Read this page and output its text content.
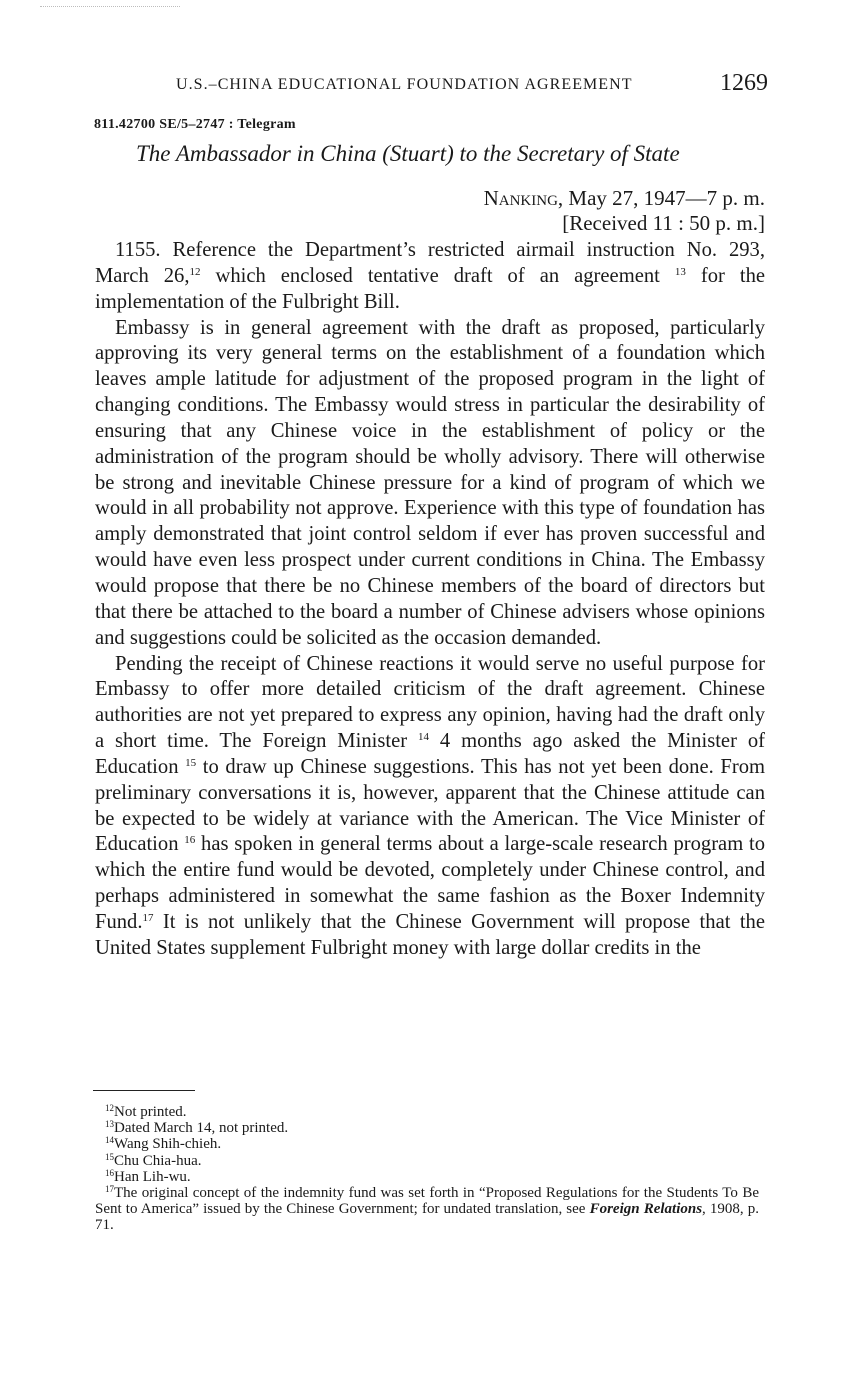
U.S.–CHINA EDUCATIONAL FOUNDATION AGREEMENT	1269
811.42700 SE/5–2747 : Telegram
The Ambassador in China (Stuart) to the Secretary of State
Nanking, May 27, 1947—7 p. m.
[Received 11 : 50 p. m.]

1155. Reference the Department’s restricted airmail instruction No. 293, March 26,12 which enclosed tentative draft of an agreement $^{13}$ for the implementation of the Fulbright Bill.

Embassy is in general agreement with the draft as proposed, particularly approving its very general terms on the establishment of a foundation which leaves ample latitude for adjustment of the proposed program in the light of changing conditions. The Embassy would stress in particular the desirability of ensuring that any Chinese voice in the establishment of policy or the administration of the program should be wholly advisory. There will otherwise be strong and inevitable Chinese pressure for a kind of program of which we would in all probability not approve. Experience with this type of foundation has amply demonstrated that joint control seldom if ever has proven successful and would have even less prospect under current conditions in China. The Embassy would propose that there be no Chinese members of the board of directors but that there be attached to the board a number of Chinese advisers whose opinions and suggestions could be solicited as the occasion demanded.

Pending the receipt of Chinese reactions it would serve no useful purpose for Embassy to offer more detailed criticism of the draft agreement. Chinese authorities are not yet prepared to express any opinion, having had the draft only a short time. The Foreign Minister $^{14}$ 4 months ago asked the Minister of Education $^{15}$ to draw up Chinese suggestions. This has not yet been done. From preliminary conversations it is, however, apparent that the Chinese attitude can be expected to be widely at variance with the American. The Vice Minister of Education $^{16}$ has spoken in general terms about a large-scale research program to which the entire fund would be devoted, completely under Chinese control, and perhaps administered in somewhat the same fashion as the Boxer Indemnity Fund.$^{17}$ It is not unlikely that the Chinese Government will propose that the United States supplement Fulbright money with large dollar credits in the

$^{12}$Not printed.
$^{13}$Dated March 14, not printed.
$^{14}$Wang Shih-chieh.
$^{15}$Chu Chia-hua.
$^{16}$Han Lih-wu.
$^{17}$The original concept of the indemnity fund was set forth in “Proposed Regulations for the Students To Be Sent to America” issued by the Chinese Government; for undated translation, see Foreign Relations, 1908, p. 71.
